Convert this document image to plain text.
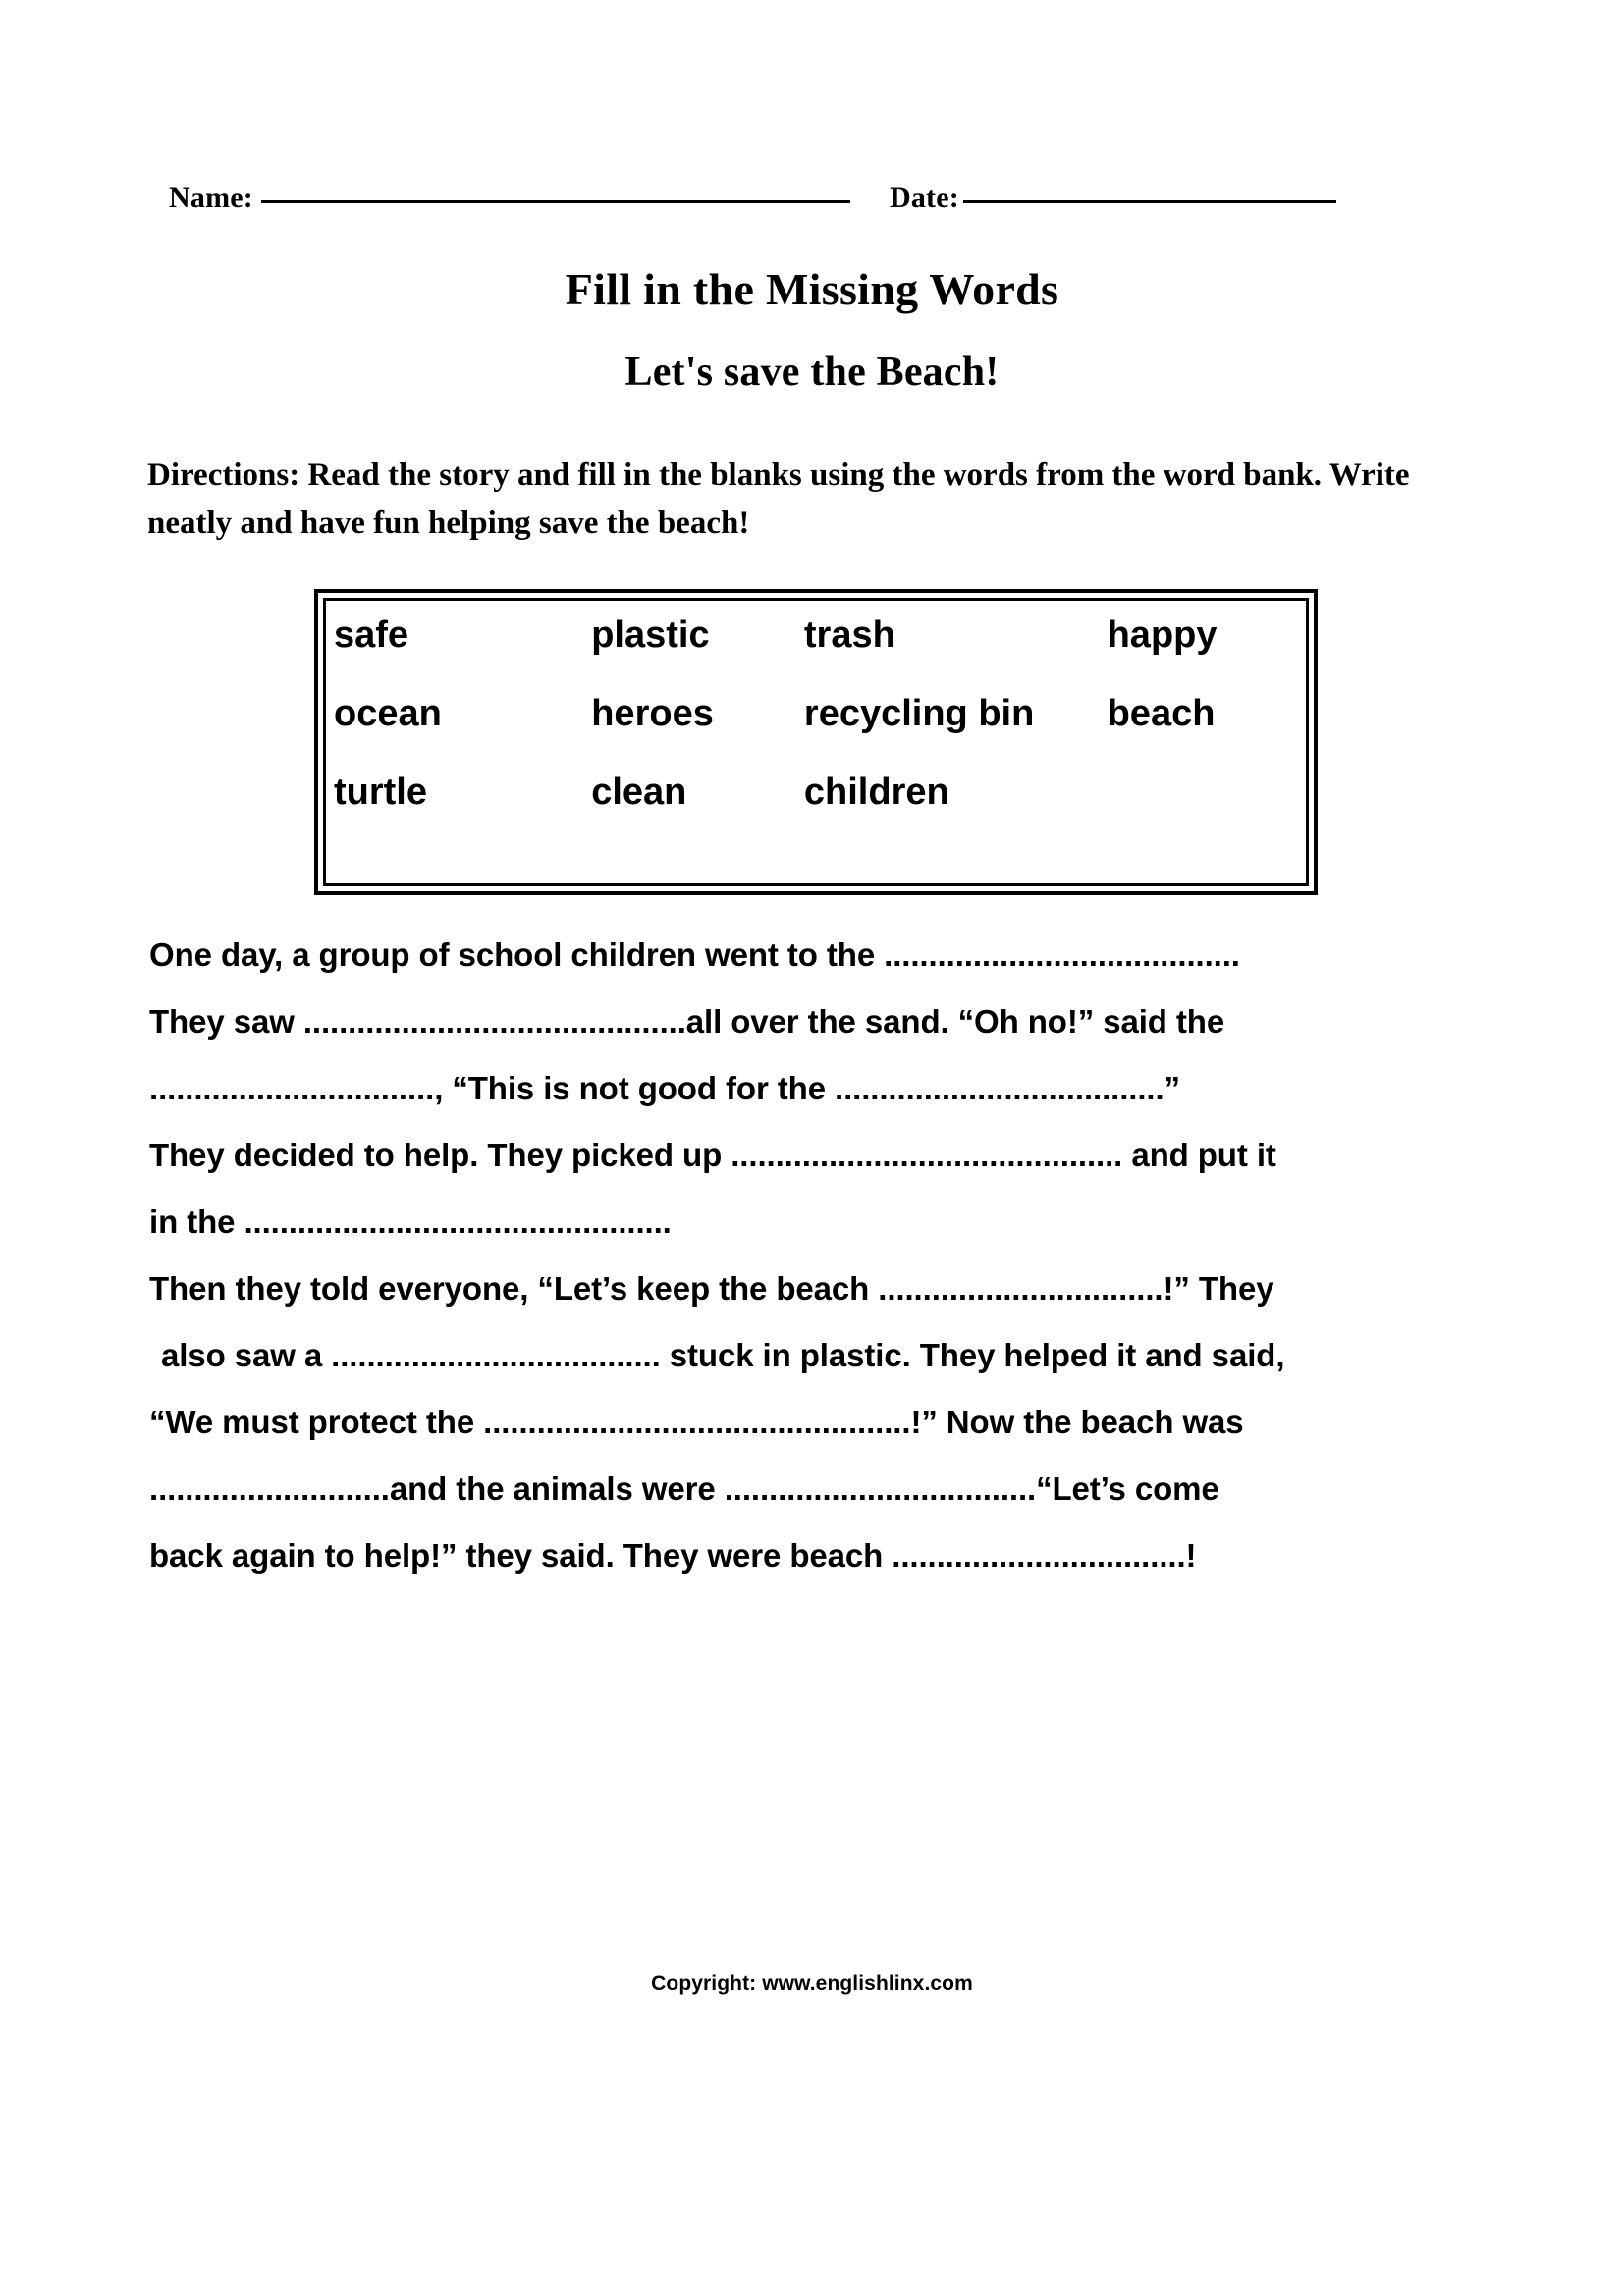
Name:	Date:
Fill in the Missing Words
Let's save the Beach!
Directions: Read the story and fill in the blanks using the words from the word bank. Write neatly and have fun helping save the beach!
safe	plastic	trash	happy
ocean	heroes	recycling bin	beach
turtle	clean	children
One day, a group of school children went to the ........................................
They saw ...........................................all over the sand. “Oh no!” said the
................................, “This is not good for the .....................................”
They decided to help. They picked up ............................................ and put it
in the ................................................
Then they told everyone, “Let’s keep the beach ................................!” They
also saw a ..................................... stuck in plastic. They helped it and said,
“We must protect the ................................................!” Now the beach was
...........................and the animals were ...................................“Let’s come
back again to help!” they said. They were beach .................................!
Copyright: www.englishlinx.com
